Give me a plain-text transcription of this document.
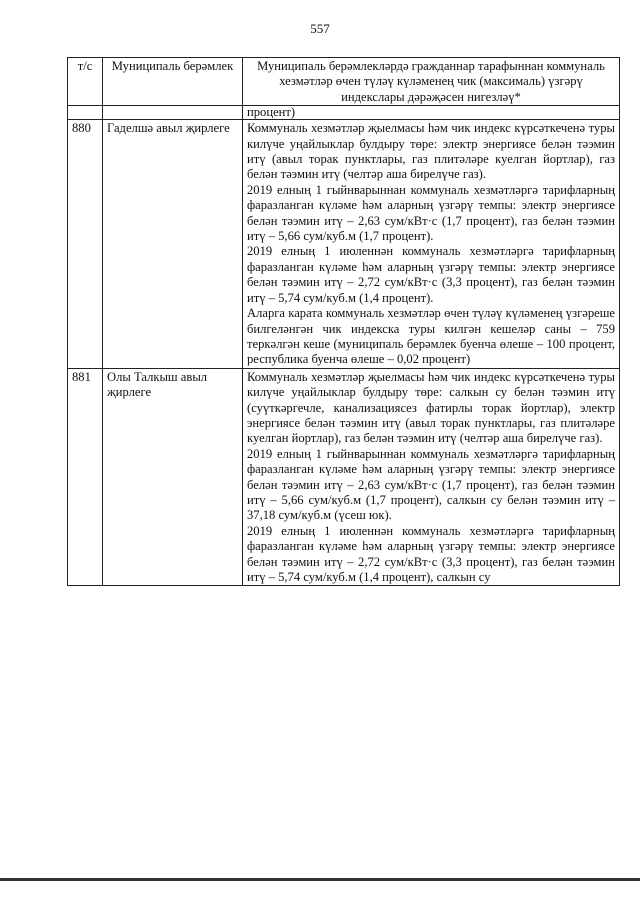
557
т/с	Муниципаль берәмлек	Муниципаль берәмлекләрдә гражданнар тарафыннан коммуналь хезмәтләр өчен түләү күләменең чик (максималь) үзгәрү индекслары дәрәҗәсен нигезләү*
		процент)
880	Гаделшә авыл җирлеге	Коммуналь хезмәтләр җыелмасы һәм чик индекс күрсәткеченә туры килүче уңайлыклар булдыру төре: электр энергиясе белән тәэмин итү (авыл торак пунктлары, газ плитәләре куелган йортлар), газ белән тәэмин итү (челтәр аша бирелүче газ).

2019 елның 1 гыйнварыннан коммуналь хезмәтләргә тарифларның фаразланган күләме һәм аларның үзгәрү темпы: электр энергиясе белән тәэмин итү – 2,63 сум/кВт·с (1,7 процент), газ белән тәэмин итү – 5,66 сум/куб.м (1,7 процент).

2019 елның 1 июленнән коммуналь хезмәтләргә тарифларның фаразланган күләме һәм аларның үзгәрү темпы: электр энергиясе белән тәэмин итү – 2,72 сум/кВт·с (3,3 процент), газ белән тәэмин итү – 5,74 сум/куб.м (1,4 процент).

Аларга карата коммуналь хезмәтләр өчен түләү күләменең үзгәреше билгеләнгән чик индекска туры килгән кешеләр саны – 759 теркәлгән кеше (муниципаль берәмлек буенча өлеше – 100 процент, республика буенча өлеше – 0,02 процент)

881	Олы Талкыш авыл җирлеге	Коммуналь хезмәтләр җыелмасы һәм чик индекс күрсәткеченә туры килүче уңайлыклар булдыру төре: салкын су белән тәэмин итү (суүткәргечле, канализациясез фатирлы торак йортлар), электр энергиясе белән тәэмин итү (авыл торак пунктлары, газ плитәләре куелган йортлар), газ белән тәэмин итү (челтәр аша бирелүче газ).

2019 елның 1 гыйнварыннан коммуналь хезмәтләргә тарифларның фаразланган күләме һәм аларның үзгәрү темпы: электр энергиясе белән тәэмин итү – 2,63 сум/кВт·с (1,7 процент), газ белән тәэмин итү – 5,66 сум/куб.м (1,7 процент), салкын су белән тәэмин итү – 37,18 сум/куб.м (үсеш юк).

2019 елның 1 июленнән коммуналь хезмәтләргә тарифларның фаразланган күләме һәм аларның үзгәрү темпы: электр энергиясе белән тәэмин итү – 2,72 сум/кВт·с (3,3 процент), газ белән тәэмин итү – 5,74 сум/куб.м (1,4 процент), салкын су
